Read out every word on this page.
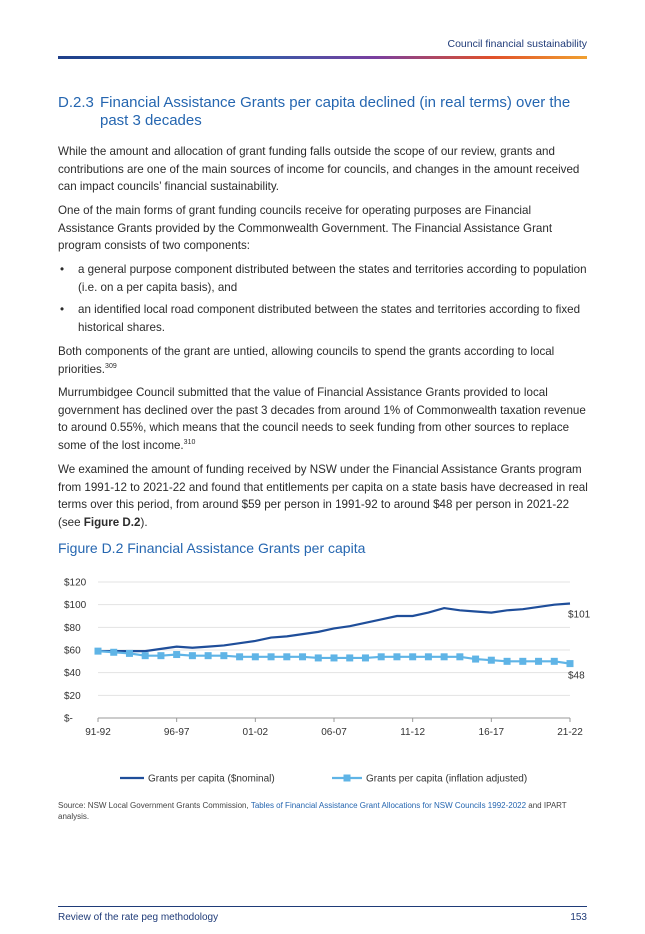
Council financial sustainability
D.2.3 Financial Assistance Grants per capita declined (in real terms) over the past 3 decades

While the amount and allocation of grant funding falls outside the scope of our review, grants and contributions are one of the main sources of income for councils, and changes in the amount received can impact councils’ financial sustainability.

One of the main forms of grant funding councils receive for operating purposes are Financial Assistance Grants provided by the Commonwealth Government. The Financial Assistance Grant program consists of two components:

• a general purpose component distributed between the states and territories according to population (i.e. on a per capita basis), and
• an identified local road component distributed between the states and territories according to fixed historical shares.

Both components of the grant are untied, allowing councils to spend the grants according to local priorities.$^{309}$

Murrumbidgee Council submitted that the value of Financial Assistance Grants provided to local government has declined over the past 3 decades from around 1% of Commonwealth taxation revenue to around 0.55%, which means that the council needs to seek funding from other sources to replace some of the lost income.$^{310}$

We examined the amount of funding received by NSW under the Financial Assistance Grants program from 1991-12 to 2021-22 and found that entitlements per capita on a state basis have decreased in real terms over this period, from around $59 per person in 1991-92 to around $48 per person in 2021-22 (see Figure D.2).

Figure D.2 Financial Assistance Grants per capita
$-
$20
$40
$60
$80
$100
$120
91-92	96-97	01-02	06-07	11-12	16-17	21-22
$101
$48
Grants per capita ($nominal)	Grants per capita (inflation adjusted)
Source: NSW Local Government Grants Commission, Tables of Financial Assistance Grant Allocations for NSW Councils 1992-2022 and IPART analysis.
Review of the rate peg methodology	153
